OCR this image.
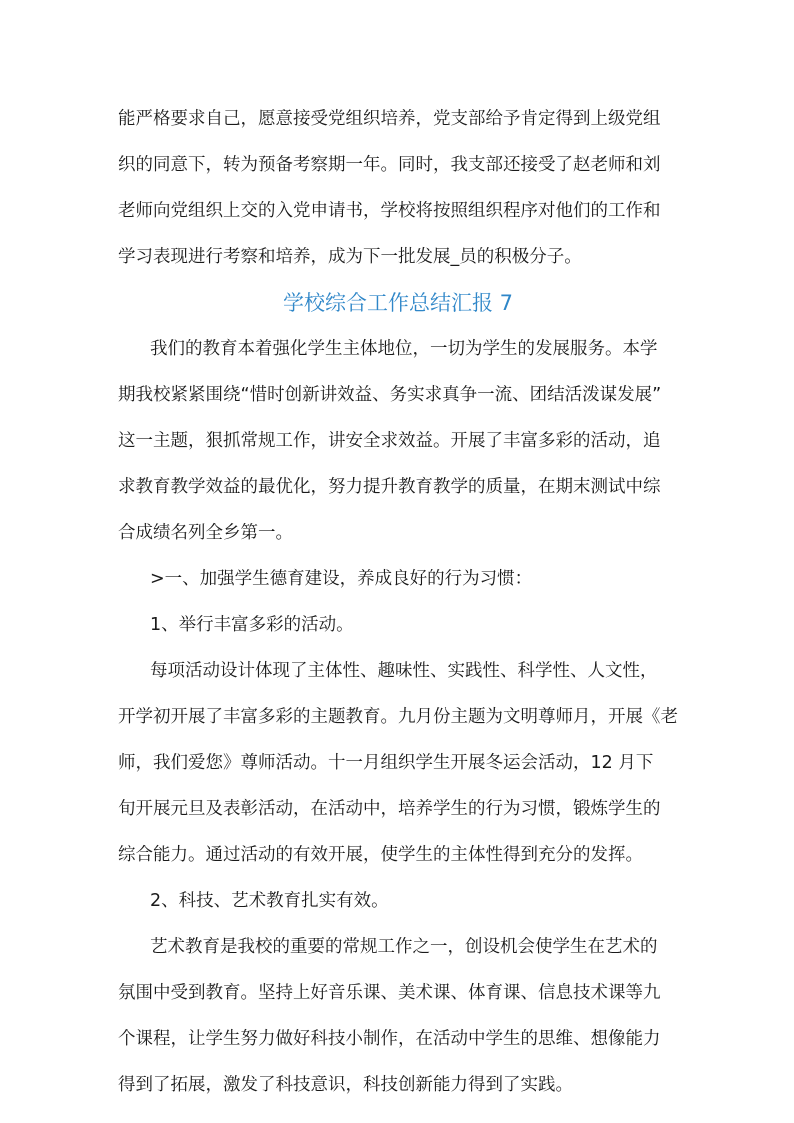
能严格要求自己，愿意接受党组织培养，党支部给予肯定得到上级党组
织的同意下，转为预备考察期一年。同时，我支部还接受了赵老师和刘
老师向党组织上交的入党申请书，学校将按照组织程序对他们的工作和
学习表现进行考察和培养，成为下一批发展_员的积极分子。

学校综合工作总结汇报 7

我们的教育本着强化学生主体地位，一切为学生的发展服务。本学
期我校紧紧围绕“惜时创新讲效益、务实求真争一流、团结活泼谋发展”
这一主题，狠抓常规工作，讲安全求效益。开展了丰富多彩的活动，追
求教育教学效益的最优化，努力提升教育教学的质量，在期末测试中综
合成绩名列全乡第一。

>一、加强学生德育建设，养成良好的行为习惯：

1、举行丰富多彩的活动。

每项活动设计体现了主体性、趣味性、实践性、科学性、人文性，
开学初开展了丰富多彩的主题教育。九月份主题为文明尊师月，开展《老
师，我们爱您》尊师活动。十一月组织学生开展冬运会活动，12 月下
旬开展元旦及表彰活动，在活动中，培养学生的行为习惯，锻炼学生的
综合能力。通过活动的有效开展，使学生的主体性得到充分的发挥。

2、科技、艺术教育扎实有效。

艺术教育是我校的重要的常规工作之一，创设机会使学生在艺术的
氛围中受到教育。坚持上好音乐课、美术课、体育课、信息技术课等九
个课程，让学生努力做好科技小制作，在活动中学生的思维、想像能力
得到了拓展，激发了科技意识，科技创新能力得到了实践。
